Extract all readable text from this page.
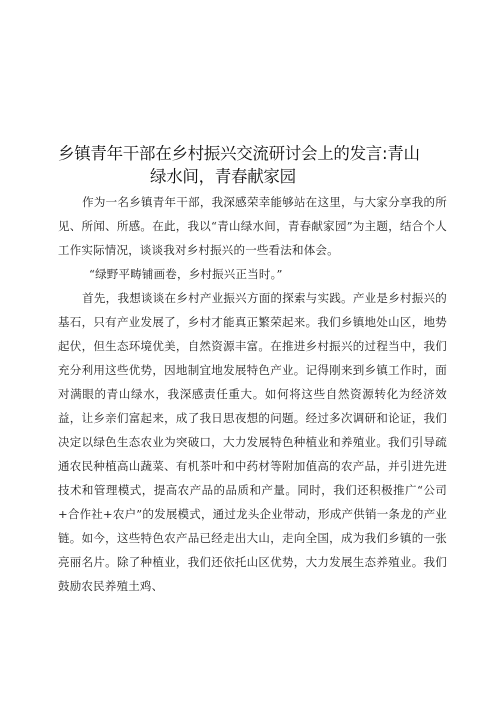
乡镇青年干部在乡村振兴交流研讨会上的发言:青山
绿水间，青春献家园

作为一名乡镇青年干部，我深感荣幸能够站在这里，与大家分享我的所见、所闻、所感。在此，我以“青山绿水间，青春献家园”为主题，结合个人工作实际情况，谈谈我对乡村振兴的一些看法和体会。

“绿野平畴铺画卷，乡村振兴正当时。”

首先，我想谈谈在乡村产业振兴方面的探索与实践。产业是乡村振兴的基石，只有产业发展了，乡村才能真正繁荣起来。我们乡镇地处山区，地势起伏，但生态环境优美，自然资源丰富。在推进乡村振兴的过程当中，我们充分利用这些优势，因地制宜地发展特色产业。记得刚来到乡镇工作时，面对满眼的青山绿水，我深感责任重大。如何将这些自然资源转化为经济效益，让乡亲们富起来，成了我日思夜想的问题。经过多次调研和论证，我们决定以绿色生态农业为突破口，大力发展特色种植业和养殖业。我们引导疏通农民种植高山蔬菜、有机茶叶和中药材等附加值高的农产品，并引进先进技术和管理模式，提高农产品的品质和产量。同时，我们还积极推广“公司+合作社+农户”的发展模式，通过龙头企业带动，形成产供销一条龙的产业链。如今，这些特色农产品已经走出大山，走向全国，成为我们乡镇的一张亮丽名片。除了种植业，我们还依托山区优势，大力发展生态养殖业。我们鼓励农民养殖土鸡、
